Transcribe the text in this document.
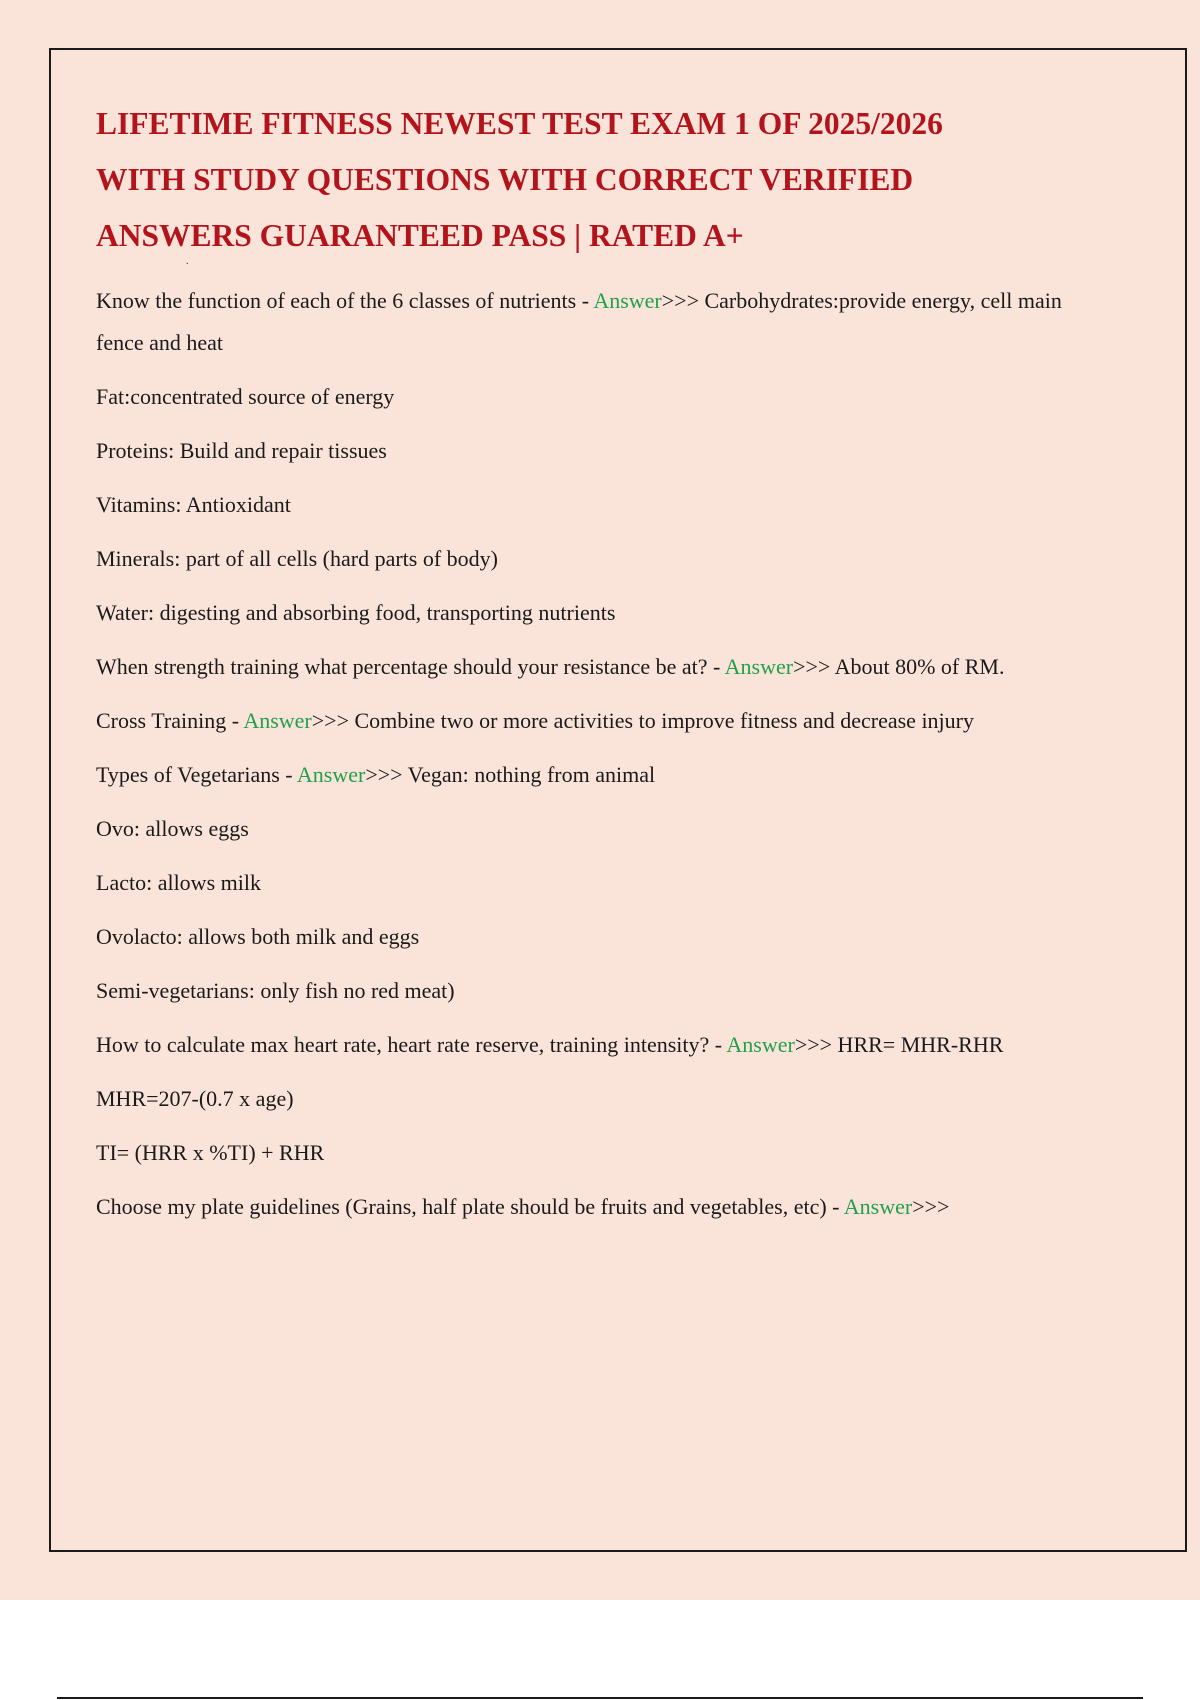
LIFETIME FITNESS NEWEST TEST EXAM 1 OF 2025/2026
WITH STUDY QUESTIONS WITH CORRECT VERIFIED
ANSWERS GUARANTEED PASS | RATED A+
.

Know the function of each of the 6 classes of nutrients - Answer>>> Carbohydrates:provide energy, cell main fence and heat

Fat:concentrated source of energy

Proteins: Build and repair tissues

Vitamins: Antioxidant

Minerals: part of all cells (hard parts of body)

Water: digesting and absorbing food, transporting nutrients

When strength training what percentage should your resistance be at? - Answer>>> About 80% of RM.

Cross Training - Answer>>> Combine two or more activities to improve fitness and decrease injury

Types of Vegetarians - Answer>>> Vegan: nothing from animal

Ovo: allows eggs

Lacto: allows milk

Ovolacto: allows both milk and eggs

Semi-vegetarians: only fish no red meat)

How to calculate max heart rate, heart rate reserve, training intensity? - Answer>>> HRR= MHR-RHR

MHR=207-(0.7 x age)

TI= (HRR x %TI) + RHR

Choose my plate guidelines (Grains, half plate should be fruits and vegetables, etc) - Answer>>>
